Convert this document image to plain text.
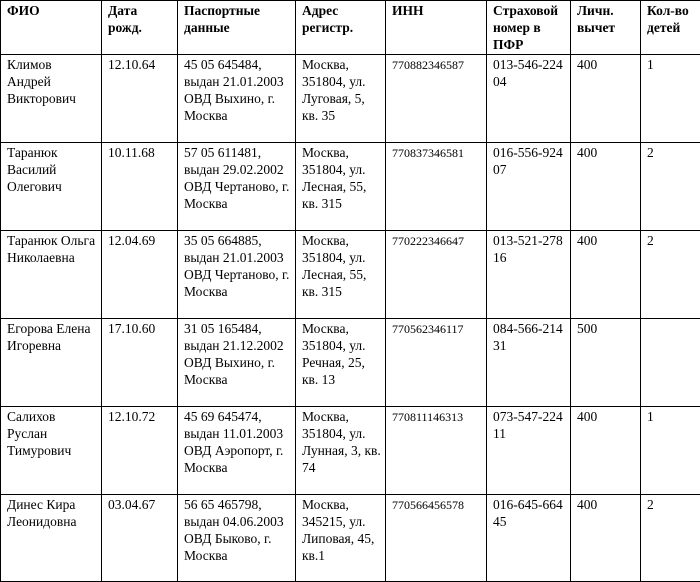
ФИО	Дата рожд.	Паспортные данные	Адрес регистр.	ИНН	Страховой номер в ПФР	Личн. вычет	Кол-во детей
Климов Андрей Викторович	12.10.64	45 05 645484, выдан 21.01.2003 ОВД Выхино, г. Москва	Москва, 351804, ул. Луговая, 5, кв. 35	770882346587	013-546-224 04	400	1
Таранюк Василий Олегович	10.11.68	57 05 611481, выдан 29.02.2002 ОВД Чертаново, г. Москва	Москва, 351804, ул. Лесная, 55, кв. 315	770837346581	016-556-924 07	400	2
Таранюк Ольга Николаевна	12.04.69	35 05 664885, выдан 21.01.2003 ОВД Чертаново, г. Москва	Москва, 351804, ул. Лесная, 55, кв. 315	770222346647	013-521-278 16	400	2
Егорова Елена Игоревна	17.10.60	31 05 165484, выдан 21.12.2002 ОВД Выхино, г. Москва	Москва, 351804, ул. Речная, 25, кв. 13	770562346117	084-566-214 31	500	
Салихов Руслан Тимурович	12.10.72	45 69 645474, выдан 11.01.2003 ОВД Аэропорт, г. Москва	Москва, 351804, ул. Лунная, 3, кв. 74	770811146313	073-547-224 11	400	1
Динес Кира Леонидовна	03.04.67	56 65 465798, выдан 04.06.2003 ОВД Быково, г. Москва	Москва, 345215, ул. Липовая, 45, кв.1	770566456578	016-645-664 45	400	2
